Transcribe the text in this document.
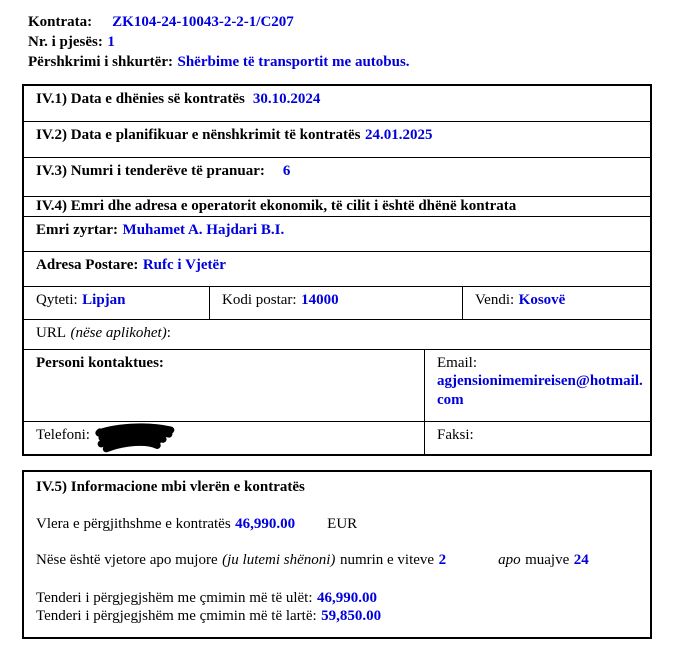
Kontrata: ZK104-24-10043-2-2-1/C207
Nr. i pjesës: 1
Përshkrimi i shkurtër: Shërbime të transportit me autobus.
IV.1) Data e dhënies së kontratës 30.10.2024
IV.2) Data e planifikuar e nënshkrimit të kontratës 24.01.2025
IV.3) Numri i tenderëve të pranuar: 6
IV.4) Emri dhe adresa e operatorit ekonomik, të cilit i është dhënë kontrata
Emri zyrtar: Muhamet A. Hajdari B.I.
Adresa Postare: Rufc i Vjetër
Qyteti: Lipjan	Kodi postar: 14000	Vendi: Kosovë
URL (nëse aplikohet):
Personi kontaktues:	Email:
agjensionimemireisen@hotmail.com
Telefoni:	Faksi:
IV.5) Informacione mbi vlerën e kontratës
Vlera e përgjithshme e kontratës 46,990.00 EUR
Nëse është vjetore apo mujore (ju lutemi shënoni) numrin e viteve 2	apo muajve 24
Tenderi i përgjegjshëm me çmimin më të ulët: 46,990.00
Tenderi i përgjegjshëm me çmimin më të lartë: 59,850.00
